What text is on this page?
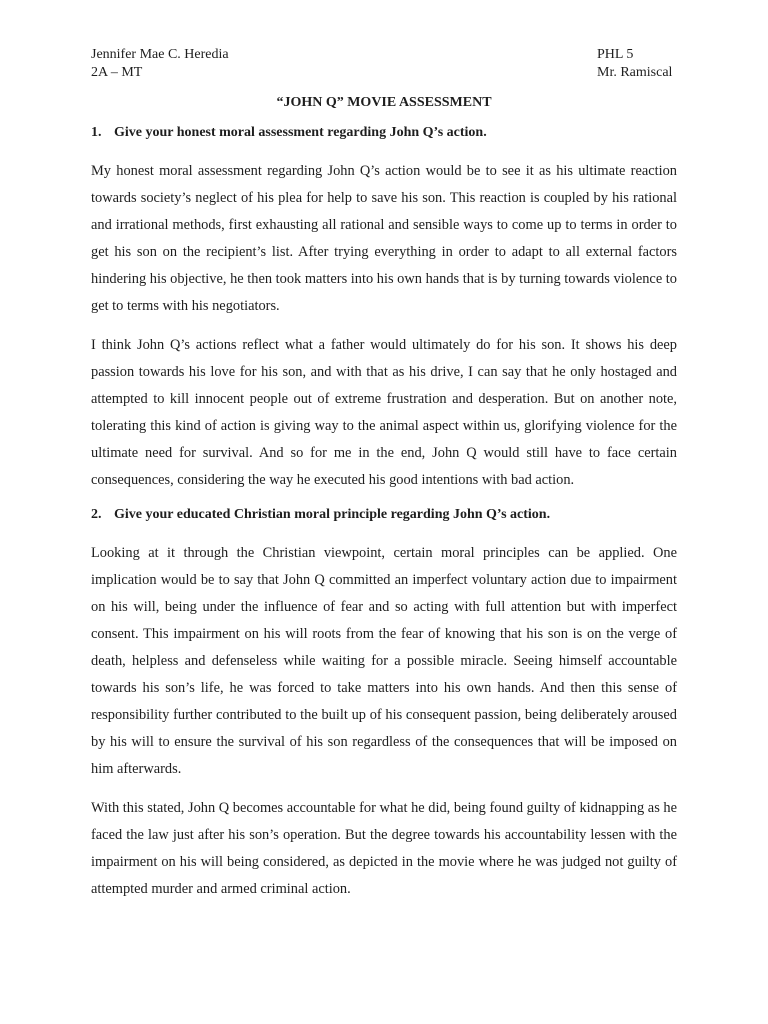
Jennifer Mae C. Heredia	PHL 5
2A – MT	Mr. Ramiscal
“JOHN Q” MOVIE ASSESSMENT
1. Give your honest moral assessment regarding John Q’s action.

My honest moral assessment regarding John Q’s action would be to see it as his ultimate reaction towards society’s neglect of his plea for help to save his son. This reaction is coupled by his rational and irrational methods, first exhausting all rational and sensible ways to come up to terms in order to get his son on the recipient’s list. After trying everything in order to adapt to all external factors hindering his objective, he then took matters into his own hands that is by turning towards violence to get to terms with his negotiators.

I think John Q’s actions reflect what a father would ultimately do for his son. It shows his deep passion towards his love for his son, and with that as his drive, I can say that he only hostaged and attempted to kill innocent people out of extreme frustration and desperation. But on another note, tolerating this kind of action is giving way to the animal aspect within us, glorifying violence for the ultimate need for survival. And so for me in the end, John Q would still have to face certain consequences, considering the way he executed his good intentions with bad action.

2. Give your educated Christian moral principle regarding John Q’s action.

Looking at it through the Christian viewpoint, certain moral principles can be applied. One implication would be to say that John Q committed an imperfect voluntary action due to impairment on his will, being under the influence of fear and so acting with full attention but with imperfect consent. This impairment on his will roots from the fear of knowing that his son is on the verge of death, helpless and defenseless while waiting for a possible miracle. Seeing himself accountable towards his son’s life, he was forced to take matters into his own hands. And then this sense of responsibility further contributed to the built up of his consequent passion, being deliberately aroused by his will to ensure the survival of his son regardless of the consequences that will be imposed on him afterwards.

With this stated, John Q becomes accountable for what he did, being found guilty of kidnapping as he faced the law just after his son’s operation. But the degree towards his accountability lessen with the impairment on his will being considered, as depicted in the movie where he was judged not guilty of attempted murder and armed criminal action.
